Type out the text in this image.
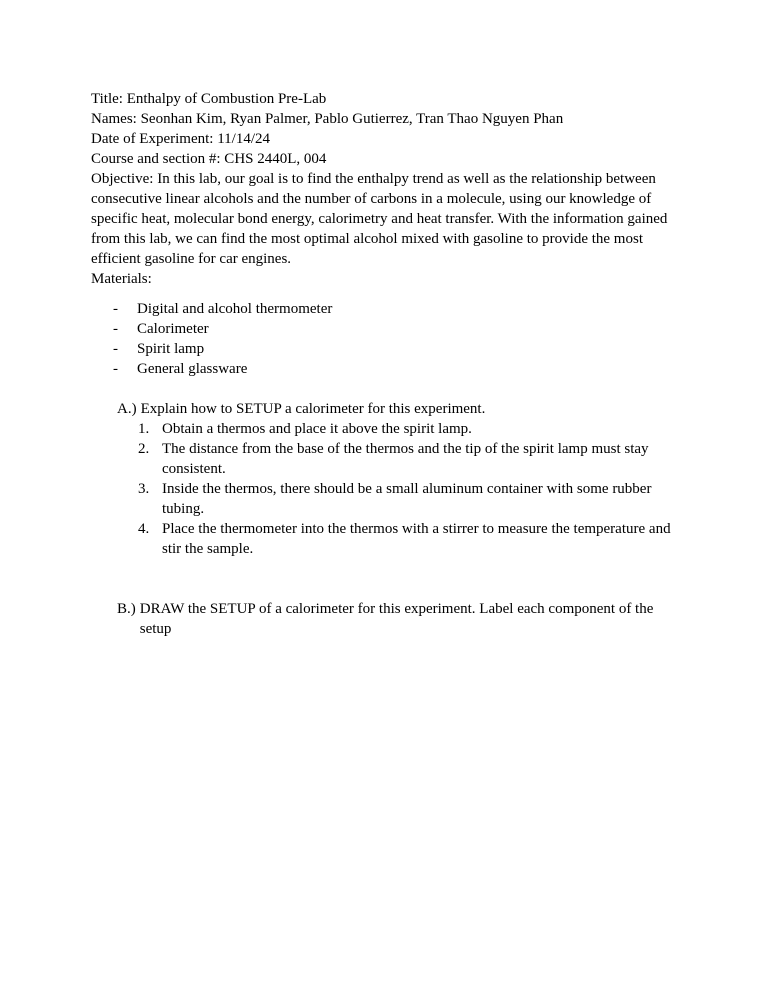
Title: Enthalpy of Combustion Pre-Lab

Names: Seonhan Kim, Ryan Palmer, Pablo Gutierrez, Tran Thao Nguyen Phan

Date of Experiment: 11/14/24

Course and section #: CHS 2440L, 004

Objective: In this lab, our goal is to find the enthalpy trend as well as the relationship between consecutive linear alcohols and the number of carbons in a molecule, using our knowledge of specific heat, molecular bond energy, calorimetry and heat transfer. With the information gained from this lab, we can find the most optimal alcohol mixed with gasoline to provide the most efficient gasoline for car engines.

Materials:

-	Digital and alcohol thermometer
-	Calorimeter
-	Spirit lamp
-	General glassware
A.) Explain how to SETUP a calorimeter for this experiment.
1. Obtain a thermos and place it above the spirit lamp.
2. The distance from the base of the thermos and the tip of the spirit lamp must stay consistent.
3. Inside the thermos, there should be a small aluminum container with some rubber tubing.
4. Place the thermometer into the thermos with a stirrer to measure the temperature and stir the sample.
B.) DRAW the SETUP of a calorimeter for this experiment. Label each component of the setup
